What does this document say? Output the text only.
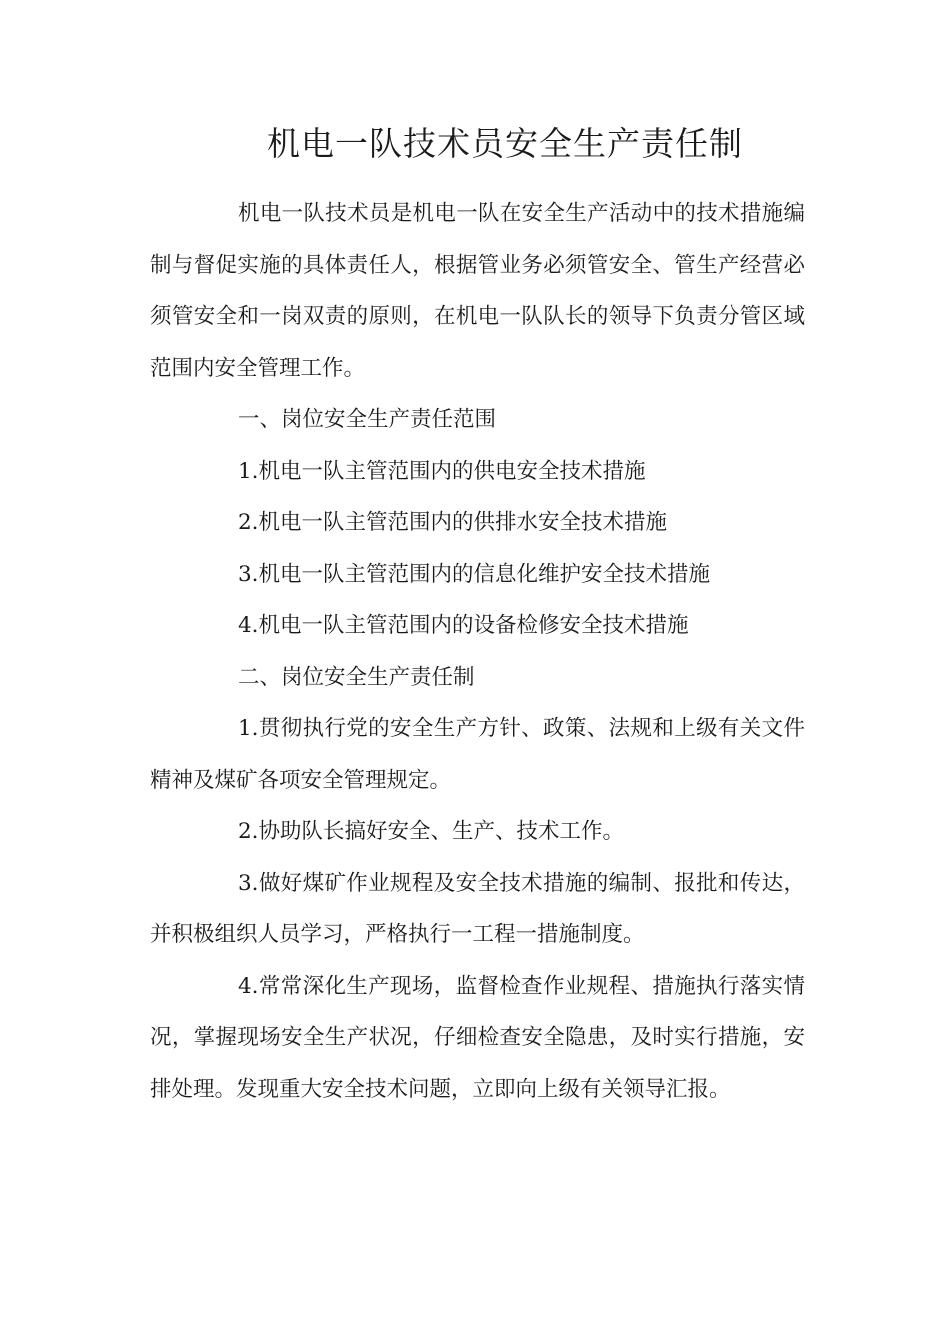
机电一队技术员安全生产责任制

机电一队技术员是机电一队在安全生产活动中的技术措施编制与督促实施的具体责任人，根据管业务必须管安全、管生产经营必须管安全和一岗双责的原则，在机电一队队长的领导下负责分管区域范围内安全管理工作。

一、岗位安全生产责任范围

1.机电一队主管范围内的供电安全技术措施

2.机电一队主管范围内的供排水安全技术措施

3.机电一队主管范围内的信息化维护安全技术措施

4.机电一队主管范围内的设备检修安全技术措施

二、岗位安全生产责任制

1.贯彻执行党的安全生产方针、政策、法规和上级有关文件精神及煤矿各项安全管理规定。

2.协助队长搞好安全、生产、技术工作。

3.做好煤矿作业规程及安全技术措施的编制、报批和传达，并积极组织人员学习，严格执行一工程一措施制度。

4.常常深化生产现场，监督检查作业规程、措施执行落实情况，掌握现场安全生产状况，仔细检查安全隐患，及时实行措施，安排处理。发现重大安全技术问题，立即向上级有关领导汇报。
